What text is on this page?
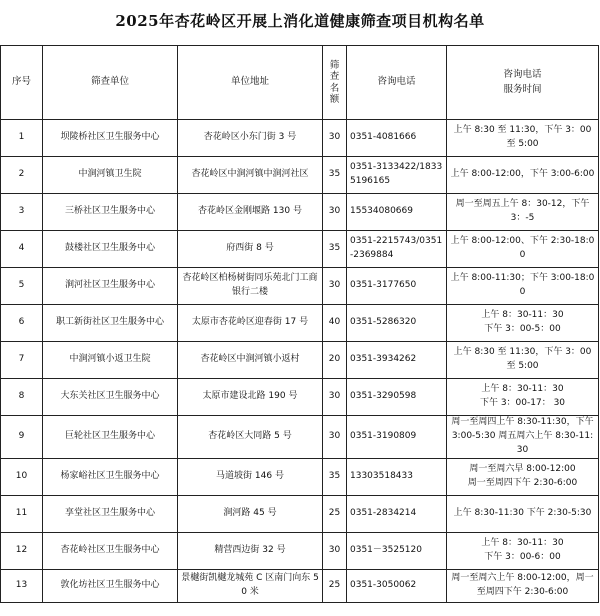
2025年杏花岭区开展上消化道健康筛查项目机构名单
序号	筛查单位	单位地址	筛查名额	咨询电话	咨询电话
服务时间
1	坝陵桥社区卫生服务中心	杏花岭区小东门街 3 号	30	0351-4081666	上午 8:30 至 11:30，下午 3：00 至 5:00
2	中涧河镇卫生院	杏花岭区中涧河镇中涧河社区	35	0351-3133422/18335196165	上午 8:00-12:00，下午 3:00-6:00
3	三桥社区卫生服务中心	杏花岭区金刚堰路 130 号	30	15534080669	周一至周五上午 8：30-12，下午 3：-5
4	鼓楼社区卫生服务中心	府西街 8 号	35	0351-2215743/0351-2369884	上午 8:00-12:00、下午 2:30-18:00
5	涧河社区卫生服务中心	杏花岭区柏杨树街同乐苑北门工商银行二楼	30	0351-3177650	上午 8:00-11:30；下午 3:00-18:00
6	职工新街社区卫生服务中心	太原市杏花岭区迎春街 17 号	40	0351-5286320	上午 8：30-11：30
下午 3：00-5：00
7	中涧河镇小返卫生院	杏花岭区中涧河镇小返村	20	0351-3934262	上午 8:30 至 11:30，下午 3：00 至 5:00
8	大东关社区卫生服务中心	太原市建设北路 190 号	30	0351-3290598	上午 8：30-11：30
下午 3：00-17： 30
9	巨轮社区卫生服务中心	杏花岭区大同路 5 号	30	0351-3190809	周一至周四上午 8:30-11:30，下午 3:00-5:30 周五周六上午 8:30-11:30
10	杨家峪社区卫生服务中心	马道坡街 146 号	35	13303518433	周一至周六早 8:00-12:00
周一至周四下午 2:30-6:00
11	享堂社区卫生服务中心	涧河路 45 号	25	0351-2834214	上午 8:30-11:30 下午 2:30-5:30
12	杏花岭社区卫生服务中心	精营西边街 32 号	30	0351－3525120	上午 8：30-11：30
下午 3：00-6：00
13	敦化坊社区卫生服务中心	景樾街凯樾龙城苑 C 区南门向东 50 米	25	0351-3050062	周一至周六上午 8:00-12:00，周一至周四下午 2:30-6:00
